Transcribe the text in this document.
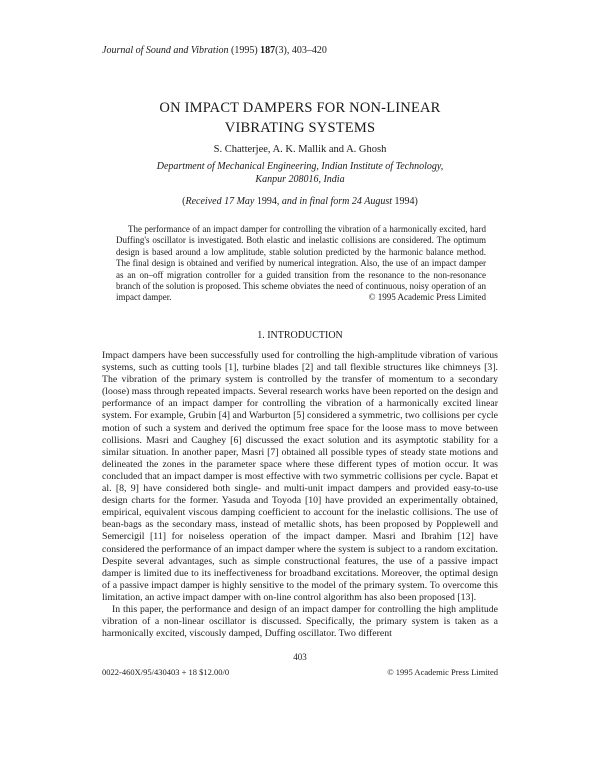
Journal of Sound and Vibration (1995) 187(3), 403–420
ON IMPACT DAMPERS FOR NON-LINEAR
VIBRATING SYSTEMS
S. Chatterjee, A. K. Mallik and A. Ghosh
Department of Mechanical Engineering, Indian Institute of Technology,
Kanpur 208016, India
(Received 17 May 1994, and in final form 24 August 1994)

The performance of an impact damper for controlling the vibration of a harmonically excited, hard Duffing's oscillator is investigated. Both elastic and inelastic collisions are considered. The optimum design is based around a low amplitude, stable solution predicted by the harmonic balance method. The final design is obtained and verified by numerical integration. Also, the use of an impact damper as an on–off migration controller for a guided transition from the resonance to the non-resonance branch of the solution is proposed. This scheme obviates the need of continuous, noisy operation of an impact damper.	© 1995 Academic Press Limited
1. INTRODUCTION

Impact dampers have been successfully used for controlling the high-amplitude vibration of various systems, such as cutting tools [1], turbine blades [2] and tall flexible structures like chimneys [3]. The vibration of the primary system is controlled by the transfer of momentum to a secondary (loose) mass through repeated impacts. Several research works have been reported on the design and performance of an impact damper for controlling the vibration of a harmonically excited linear system. For example, Grubin [4] and Warburton [5] considered a symmetric, two collisions per cycle motion of such a system and derived the optimum free space for the loose mass to move between collisions. Masri and Caughey [6] discussed the exact solution and its asymptotic stability for a similar situation. In another paper, Masri [7] obtained all possible types of steady state motions and delineated the zones in the parameter space where these different types of motion occur. It was concluded that an impact damper is most effective with two symmetric collisions per cycle. Bapat et al. [8, 9] have considered both single- and multi-unit impact dampers and provided easy-to-use design charts for the former. Yasuda and Toyoda [10] have provided an experimentally obtained, empirical, equivalent viscous damping coefficient to account for the inelastic collisions. The use of bean-bags as the secondary mass, instead of metallic shots, has been proposed by Popplewell and Semercigil [11] for noiseless operation of the impact damper. Masri and Ibrahim [12] have considered the performance of an impact damper where the system is subject to a random excitation. Despite several advantages, such as simple constructional features, the use of a passive impact damper is limited due to its ineffectiveness for broadband excitations. Moreover, the optimal design of a passive impact damper is highly sensitive to the model of the primary system. To overcome this limitation, an active impact damper with on-line control algorithm has also been proposed [13].

In this paper, the performance and design of an impact damper for controlling the high amplitude vibration of a non-linear oscillator is discussed. Specifically, the primary system is taken as a harmonically excited, viscously damped, Duffing oscillator. Two different

403
0022-460X/95/430403 + 18 $12.00/0	© 1995 Academic Press Limited
